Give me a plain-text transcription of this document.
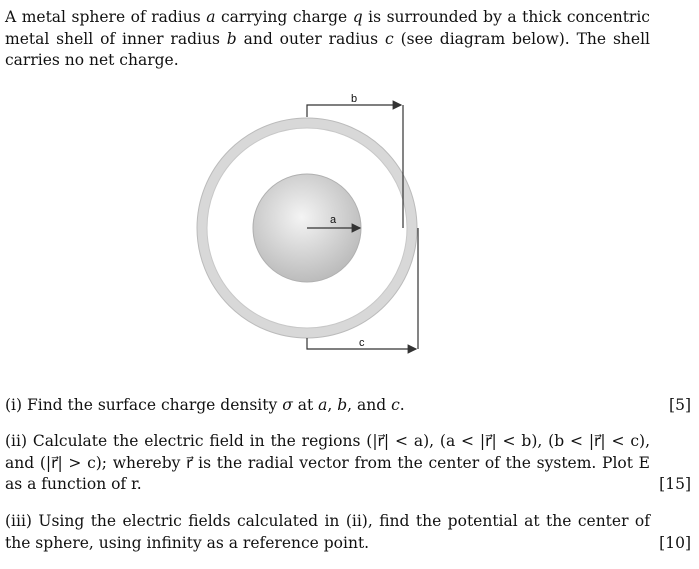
A metal sphere of radius a carrying charge q is surrounded by a thick concentric metal shell of inner radius b and outer radius c (see diagram below). The shell carries no net charge.
a
b
c
(i) Find the surface charge density σ at a, b, and c.	[5]
(ii) Calculate the electric field in the regions (|r⃗| < a), (a < |r⃗| < b), (b < |r⃗| < c), and (|r⃗| > c); whereby r⃗ is the radial vector from the center of the system. Plot E as a function of r.	[15]
(iii) Using the electric fields calculated in (ii), find the potential at the center of the sphere, using infinity as a reference point.	[10]
